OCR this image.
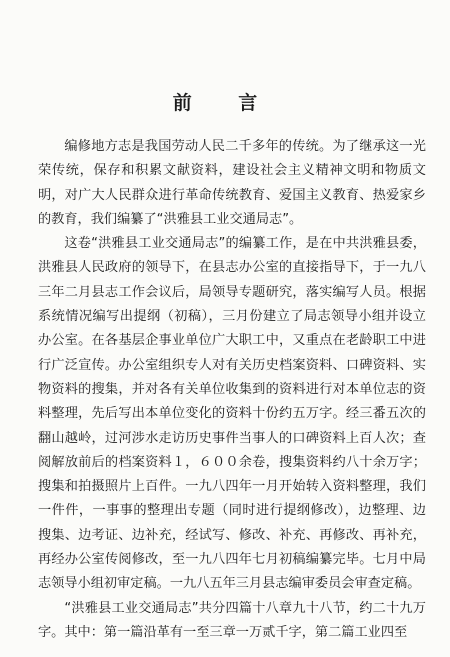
前 言

编修地方志是我国劳动人民二千多年的传统。为了继承这一光荣传统，保存和积累文献资料，建设社会主义精神文明和物质文明，对广大人民群众进行革命传统教育、爱国主义教育、热爱家乡的教育，我们编纂了“洪雅县工业交通局志”。

这卷“洪雅县工业交通局志”的编纂工作，是在中共洪雅县委，洪雅县人民政府的领导下，在县志办公室的直接指导下，于一九八三年二月县志工作会议后，局领导专题研究，落实编写人员。根据系统情况编写出提纲（初稿），三月份建立了局志领导小组并设立办公室。在各基层企事业单位广大职工中，又重点在老龄职工中进行广泛宣传。办公室组织专人对有关历史档案资料、口碑资料、实物资料的搜集，并对各有关单位收集到的资料进行对本单位志的资料整理，先后写出本单位变化的资料十份约五万字。经三番五次的翻山越岭，过河涉水走访历史事件当事人的口碑资料上百人次；查阅解放前后的档案资料１，６００余卷，搜集资料约八十余万字；搜集和拍摄照片上百件。一九八四年一月开始转入资料整理，我们一件件，一事事的整理出专题（同时进行提纲修改），边整理、边搜集、边考证、边补充，经试写、修改、补充、再修改、再补充，再经办公室传阅修改，至一九八四年七月初稿编纂完毕。七月中局志领导小组初审定稿。一九八五年三月县志编审委员会审查定稿。

“洪雅县工业交通局志”共分四篇十八章九十八节，约二十九万字。其中：第一篇沿革有一至三章一万贰千字，第二篇工业四至
